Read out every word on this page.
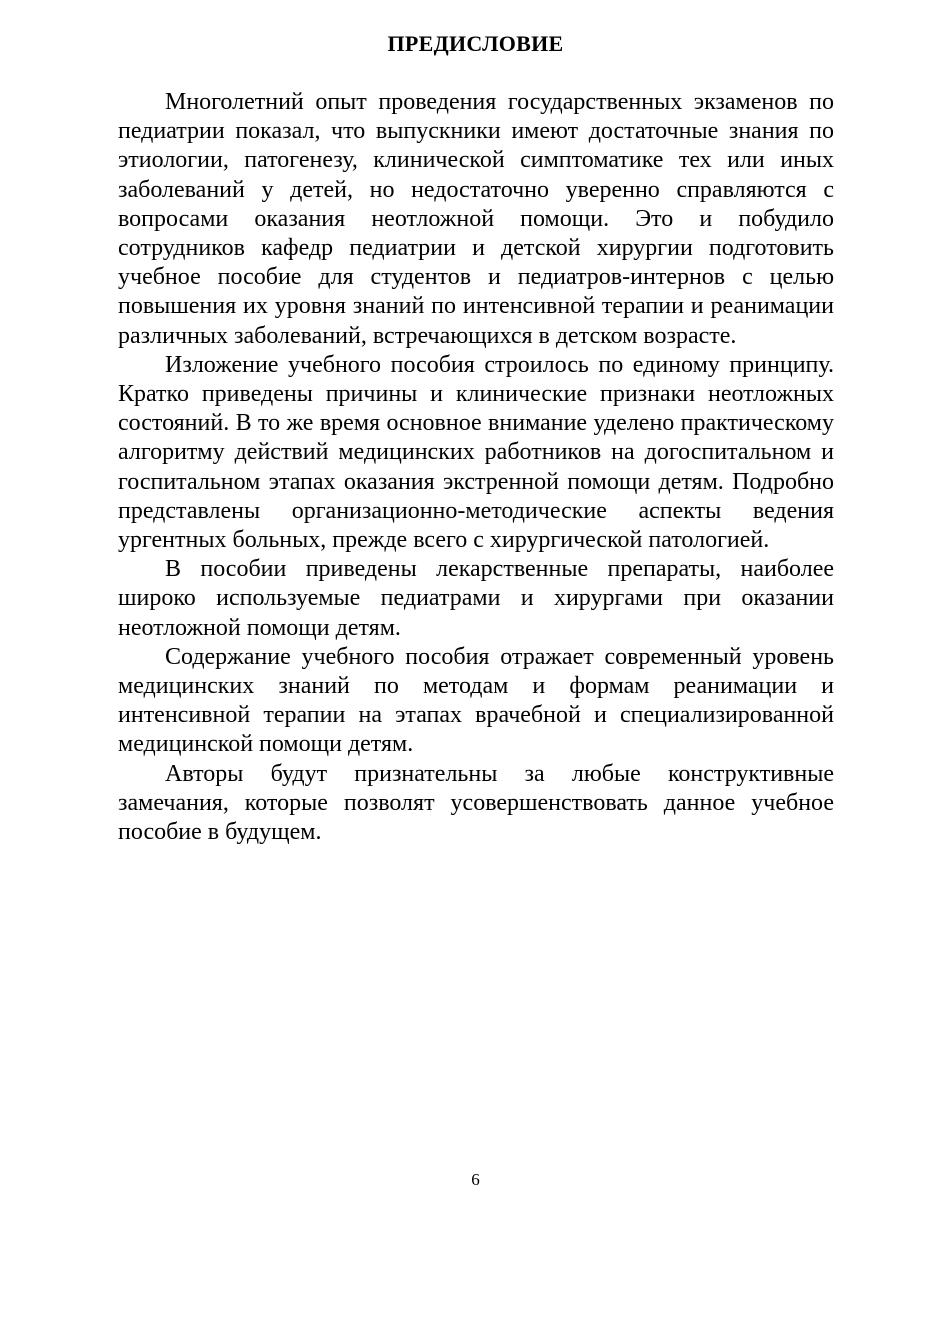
ПРЕДИСЛОВИЕ

Многолетний опыт проведения государственных экзаменов по педиатрии показал, что выпускники имеют достаточные знания по этиологии, патогенезу, клинической симптоматике тех или иных заболеваний у детей, но недостаточно уверенно справляются с вопросами оказания неотложной помощи. Это и побудило сотрудников кафедр педиатрии и детской хирургии подготовить учебное пособие для студентов и педиатров-интернов с целью повышения их уровня знаний по интенсивной терапии и реанимации различных заболеваний, встречающихся в детском возрасте.

Изложение учебного пособия строилось по единому принципу. Кратко приведены причины и клинические признаки неотложных состояний. В то же время основное внимание уделено практическому алгоритму действий медицинских работников на догоспитальном и госпитальном этапах оказания экстренной помощи детям. Подробно представлены организационно-методические аспекты ведения ургентных больных, прежде всего с хирургической патологией.

В пособии приведены лекарственные препараты, наиболее широко используемые педиатрами и хирургами при оказании неотложной помощи детям.

Содержание учебного пособия отражает современный уровень медицинских знаний по методам и формам реанимации и интенсивной терапии на этапах врачебной и специализированной медицинской помощи детям.

Авторы будут признательны за любые конструктивные замечания, которые позволят усовершенствовать данное учебное пособие в будущем.

6
